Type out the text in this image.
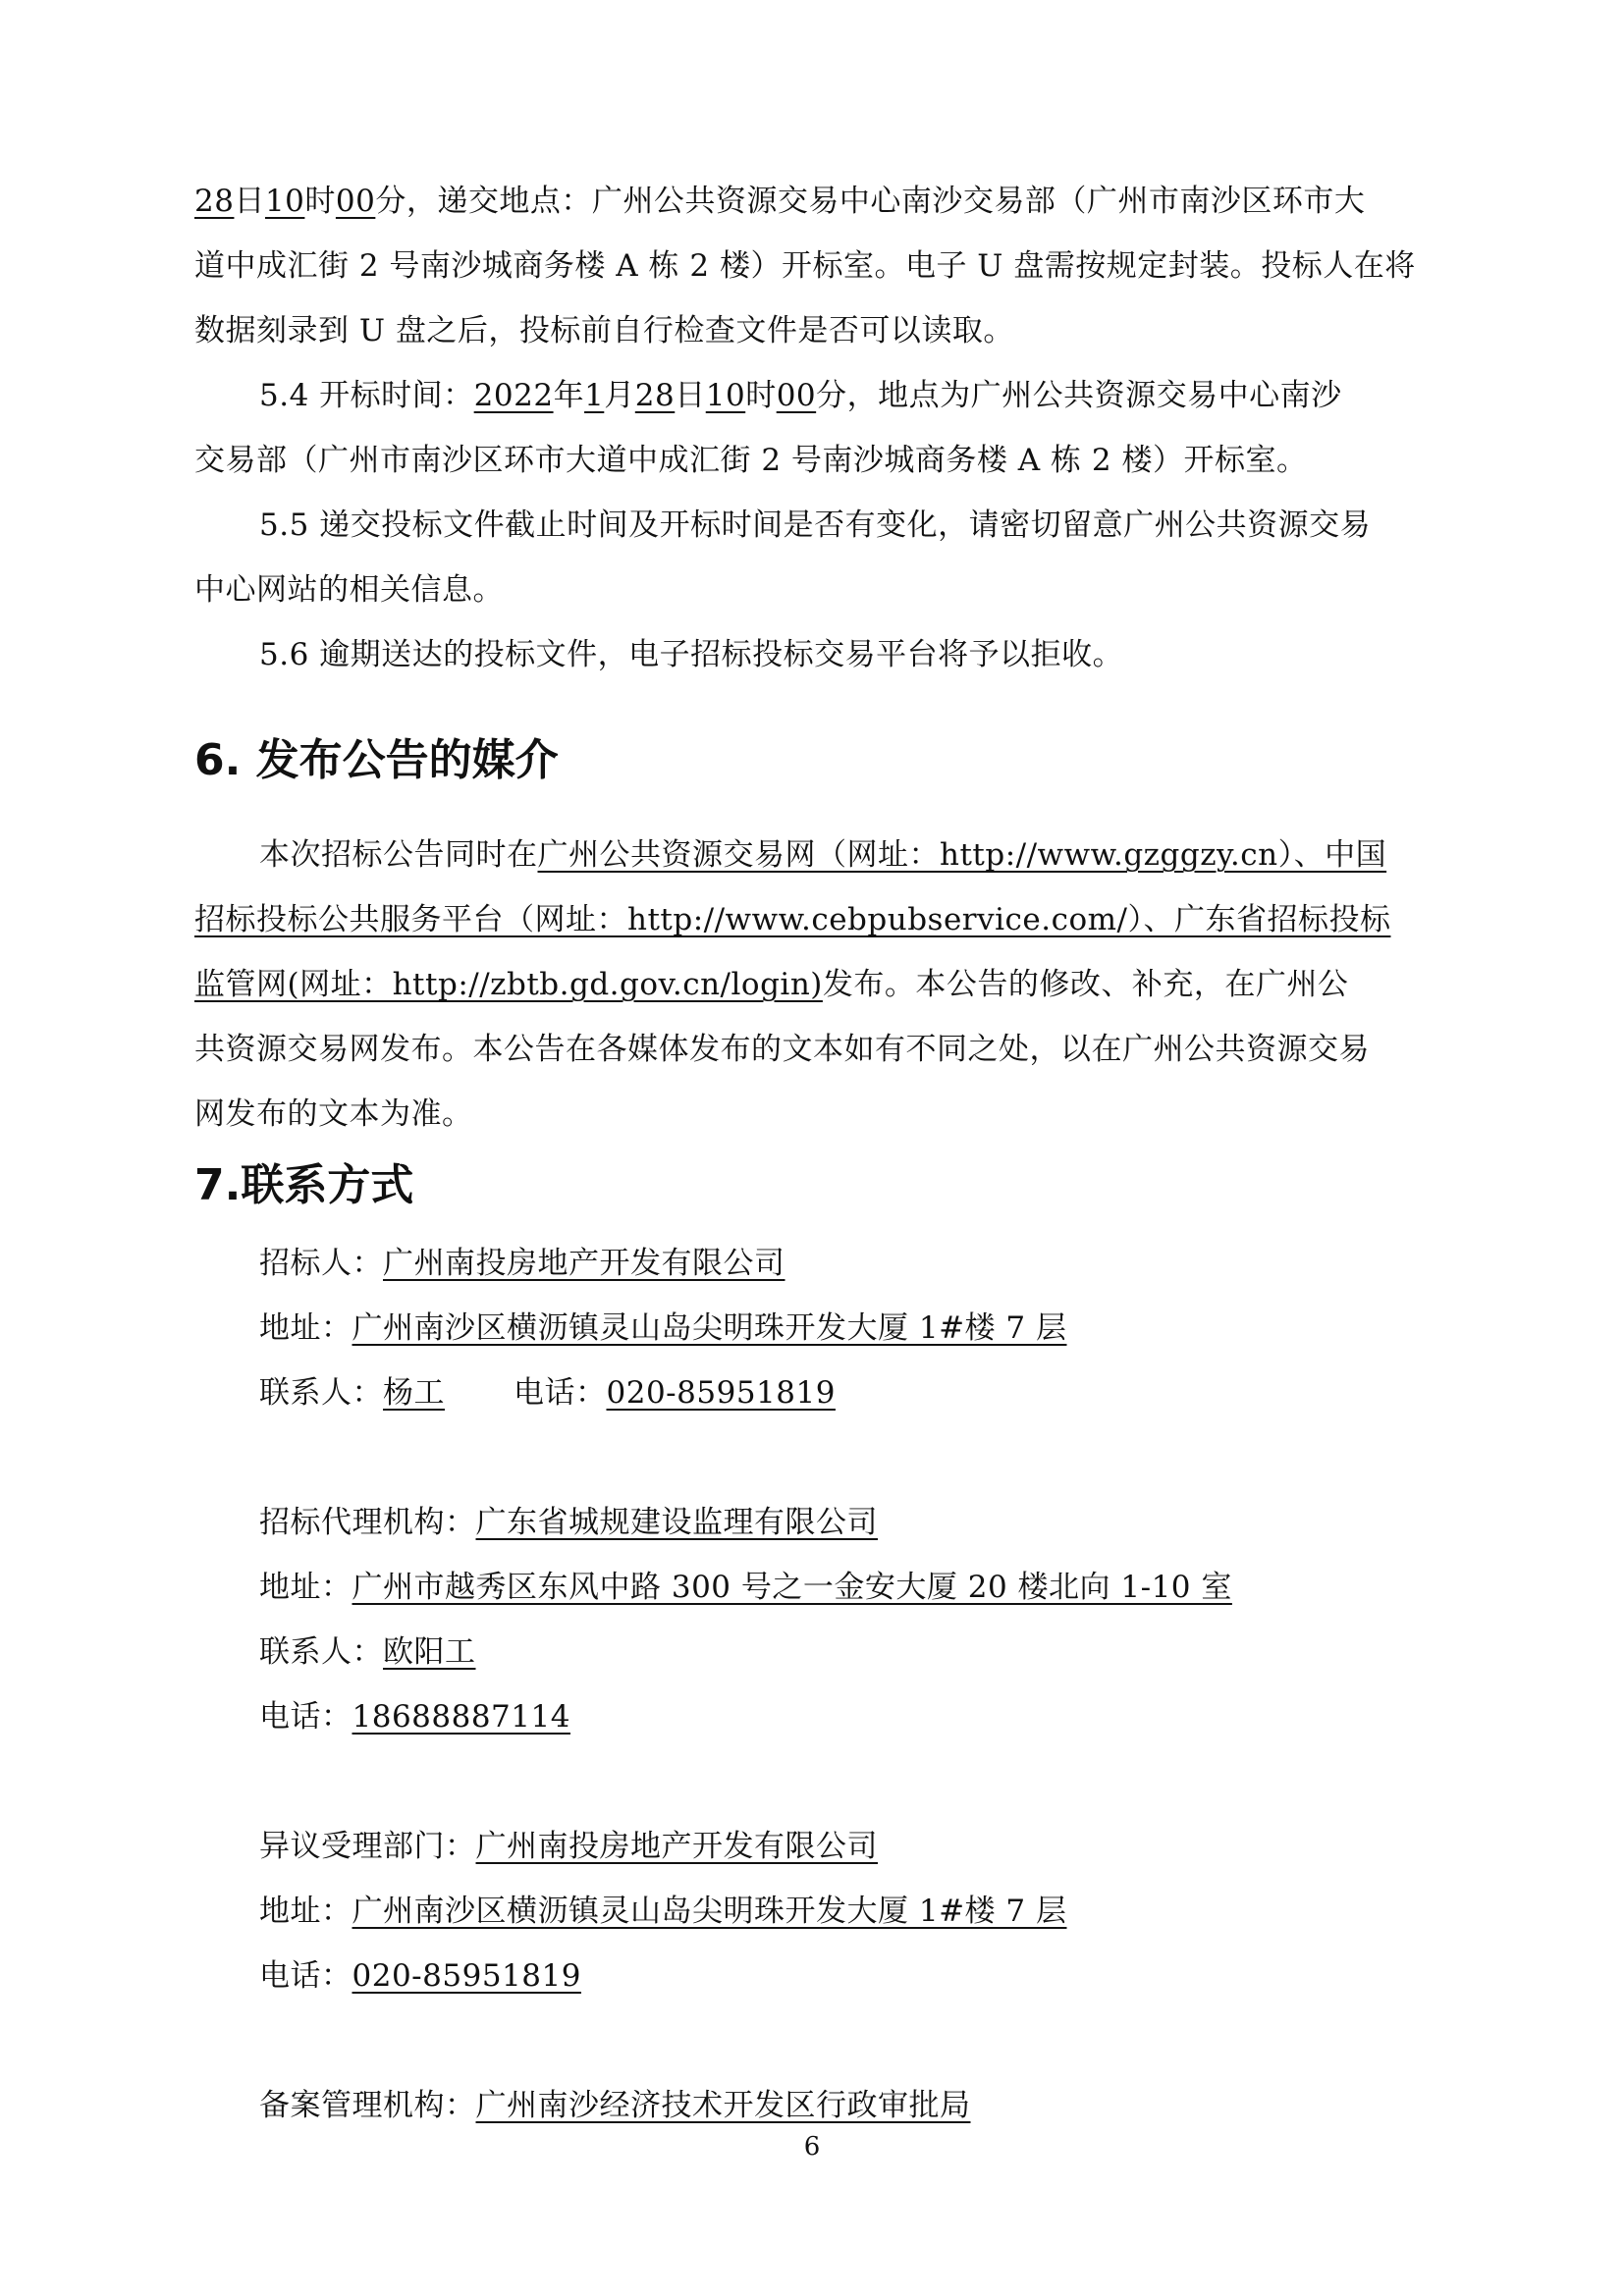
28日10时00分，递交地点：广州公共资源交易中心南沙交易部（广州市南沙区环市大
道中成汇街 2 号南沙城商务楼 A 栋 2 楼）开标室。电子 U 盘需按规定封装。投标人在将
数据刻录到 U 盘之后，投标前自行检查文件是否可以读取。
5.4 开标时间：2022年1月28日10时00分，地点为广州公共资源交易中心南沙
交易部（广州市南沙区环市大道中成汇街 2 号南沙城商务楼 A 栋 2 楼）开标室。
5.5 递交投标文件截止时间及开标时间是否有变化，请密切留意广州公共资源交易
中心网站的相关信息。
5.6 逾期送达的投标文件，电子招标投标交易平台将予以拒收。
6. 发布公告的媒介
本次招标公告同时在广州公共资源交易网（网址：http://www.gzggzy.cn）、中国
招标投标公共服务平台（网址：http://www.cebpubservice.com/）、广东省招标投标
监管网(网址：http://zbtb.gd.gov.cn/login)发布。本公告的修改、补充，在广州公
共资源交易网发布。本公告在各媒体发布的文本如有不同之处，以在广州公共资源交易
网发布的文本为准。
7.联系方式
招标人：广州南投房地产开发有限公司
地址：广州南沙区横沥镇灵山岛尖明珠开发大厦 1#楼 7 层
联系人：杨工 电话：020-85951819
招标代理机构：广东省城规建设监理有限公司
地址：广州市越秀区东风中路 300 号之一金安大厦 20 楼北向 1-10 室
联系人：欧阳工
电话：18688887114
异议受理部门：广州南投房地产开发有限公司
地址：广州南沙区横沥镇灵山岛尖明珠开发大厦 1#楼 7 层
电话：020-85951819
备案管理机构：广州南沙经济技术开发区行政审批局
6
